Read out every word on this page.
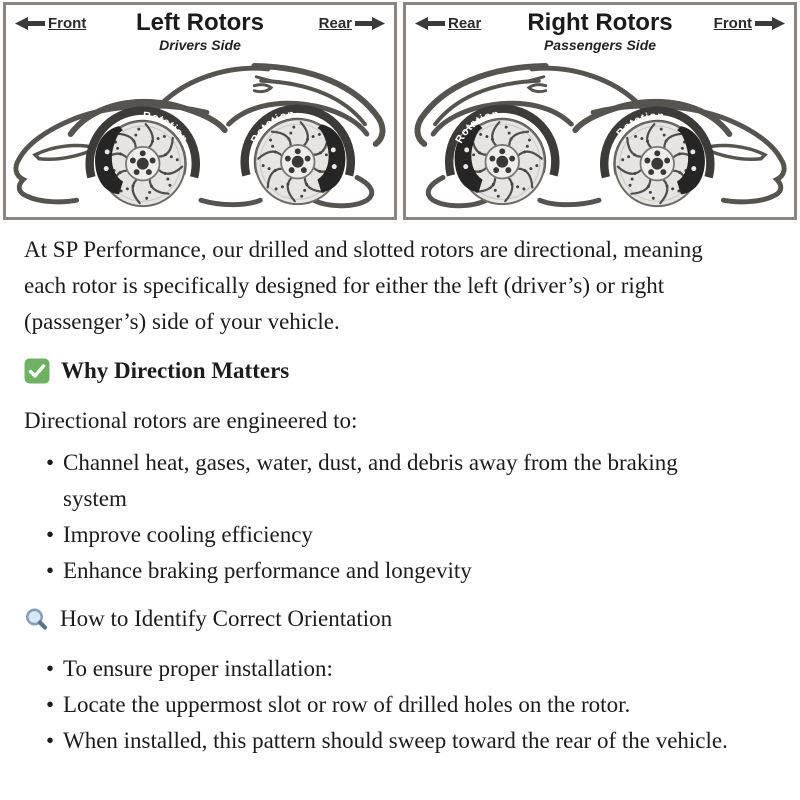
Front	Rear
Left Rotors
Drivers Side
Rotation	Rotation
Rear	Front
Right Rotors
Passengers Side
Rotation
Rotation

At SP Performance, our drilled and slotted rotors are directional, meaning each rotor is specifically designed for either the left (driver’s) or right (passenger’s) side of your vehicle.

Why Direction Matters

Directional rotors are engineered to:

• Channel heat, gases, water, dust, and debris away from the braking system
• Improve cooling efficiency
• Enhance braking performance and longevity
How to Identify Correct Orientation
• To ensure proper installation:
• Locate the uppermost slot or row of drilled holes on the rotor.
• When installed, this pattern should sweep toward the rear of the vehicle.
